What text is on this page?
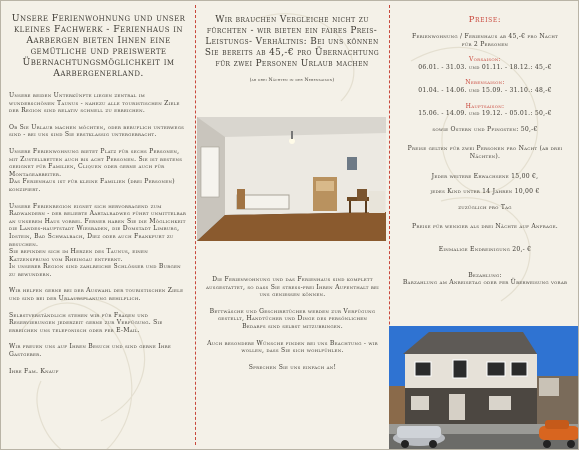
Unsere Ferienwohnung und unser kleines Fachwerk - Ferienhaus in Aarbergen bieten Ihnen eine gemütliche und preiswerte Übernachtungsmöglichkeit im Aarbergenerland.

Unsere beiden Unterkünfte liegen zentral im wunderschönen Taunus - nahezu alle touristischen Ziele der Region sind relativ schnell zu erreichen.

Ob Sie Urlaub machen möchten, oder beruflich unterwegs sind - bei uns sind Sie erstklassig untergebracht.

Unsere Ferienwohnung bietet Platz für sechs Personen, mit Zustellbetten auch bis acht Personen. Sie ist bestens geeignet für Familien, Cliquen oder gerne auch für Montagearbeiter.
Das Ferienhaus ist für kleine Familien (drei Personen) konzipiert.

Unsere Ferienregion eignet sich hervorragend zum Radwandern - der beliebte Aartalradweg führt unmittelbar an unserem Haus vorbei. Ferner haben Sie die Möglichkeit die Landes-hauptstadt Wiesbaden, die Domstadt Limburg, Idstein, Bad Schwalbach, Diez oder auch Frankfurt zu besuchen.
Sie befinden sich im Herzen des Taunus, einen Katzensprung vom Rheingau entfernt.
In unserer Region sind zahlreiche Schlösser und Burgen zu bewundern.

Wir helfen gerne bei der Auswahl der touristischen Ziele und sind bei der Urlaubsplanung behilflich.

Selbstverständlich stehen wir für Fragen und Reservierungen jederzeit gerne zur Verfügung. Sie erreichen uns telefonisch oder per E-Mail.

Wir freuen uns auf Ihren Besuch und sind gerne Ihre Gastgeber.

Ihre Fam. Knauf

Wir brauchen Vergleiche nicht zu fürchten - wir bieten ein faires Preis- Leistungs- Verhältnis: Bei uns können Sie bereits ab 45,-€ pro Übernachtung für zwei Personen Urlaub machen

(ab drei Nächten in der Nebensaison)

Die Ferienwohnung und das Ferienhaus sind komplett ausgestattet, so dass Sie stress-frei Ihren Aufenthalt bei uns genießen können.

Bettwäsche und Geschirrtücher werden zur Verfügung gestellt, Handtücher und Dinge des persönlichen Bedarfs sind selbst mitzubringen.

Auch besondere Wünsche finden bei uns Beachtung - wir wollen, dass Sie sich wohlfühlen.

Sprechen Sie uns einfach an!

Preise:

Ferienwohnung / Ferienhaus ab 45,-€ pro Nacht für 2 Personen

Vorsaison:

06.01. - 31.03. und 01.11. - 18.12.: 45,-€

Nebensaison:

01.04. - 14.06. und 15.09. - 31.10.: 48,-€

Hauptsaison:

15.06. - 14.09. und 19.12. - 05.01.: 50,-€

sowie Ostern und Pfingsten: 50,-€

Preise gelten für zwei Personen pro Nacht (ab drei Nächten).

Jeder weitere Erwachsene 15,00 €,

jedes Kind unter 14 Jahren 10,00 €

zuzüglich pro Tag

Preise für weniger als drei Nächte auf Anfrage.

Einmalige Endreinigung 20,- €

Bezahlung:
Barzahlung am Anreisetag oder per Überweisung vorab
